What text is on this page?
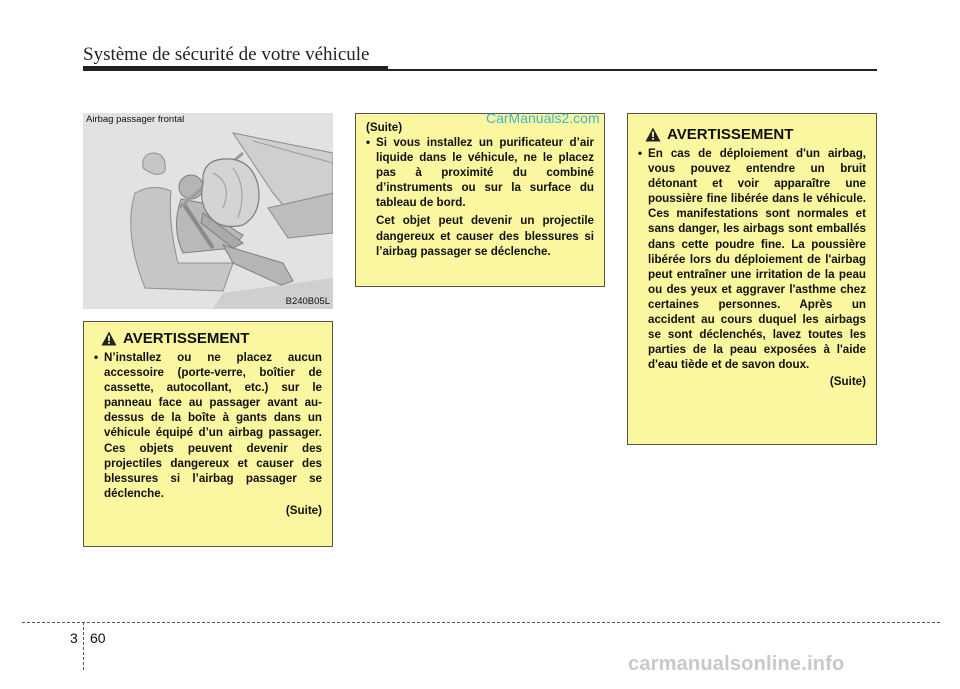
Système de sécurité de votre véhicule
Airbag passager frontal
B240B05L
AVERTISSEMENT
• N’installez ou ne placez aucun accessoire (porte-verre, boîtier de cassette, autocollant, etc.) sur le panneau face au passager avant au-dessus de la boîte à gants dans un véhicule équipé d’un airbag passager. Ces objets peuvent devenir des projectiles dangereux et causer des blessures si l’airbag passager se déclenche.
(Suite)
(Suite)
• Si vous installez un purificateur d’air liquide dans le véhicule, ne le placez pas à proximité du combiné d’instruments ou sur la surface du tableau de bord.
Cet objet peut devenir un projectile dangereux et causer des blessures si l’airbag passager se déclenche.
AVERTISSEMENT
• En cas de déploiement d'un airbag, vous pouvez entendre un bruit détonant et voir apparaître une poussière fine libérée dans le véhicule. Ces manifestations sont normales et sans danger, les airbags sont emballés dans cette poudre fine. La poussière libérée lors du déploiement de l'airbag peut entraîner une irritation de la peau ou des yeux et aggraver l'asthme chez certaines personnes. Après un accident au cours duquel les airbags se sont déclenchés, lavez toutes les parties de la peau exposées à l'aide d'eau tiède et de savon doux.
(Suite)
CarManuals2.com
3 60
carmanualsonline.info
